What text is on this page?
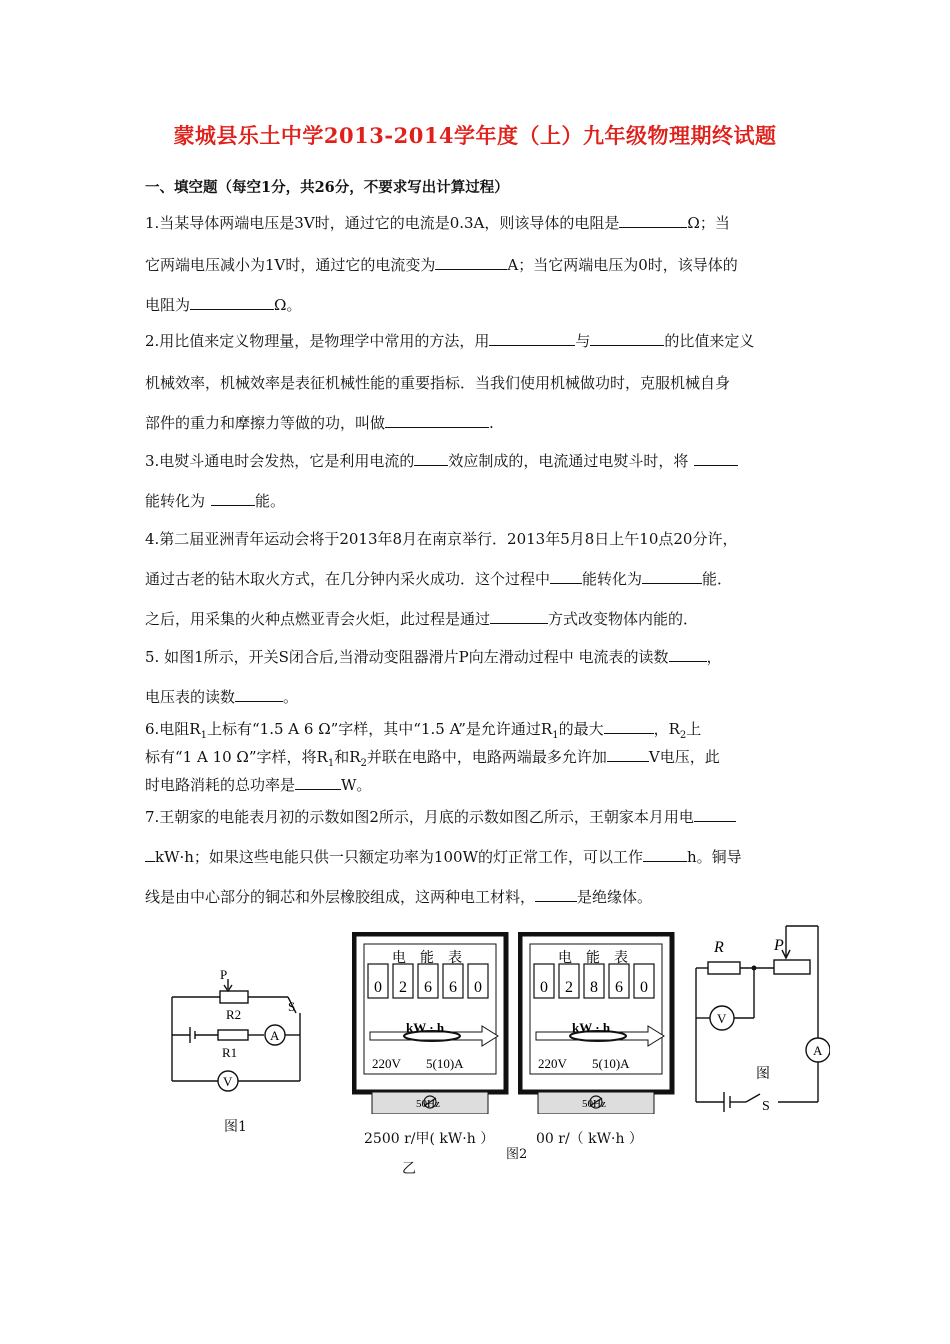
蒙城县乐土中学2013-2014学年度（上）九年级物理期终试题
一、填空题（每空1分，共26分，不要求写出计算过程）
1.当某导体两端电压是3V时，通过它的电流是0.3A，则该导体的电阻是	Ω；当
它两端电压减小为1V时，通过它的电流变为	A；当它两端电压为0时，该导体的
电阻为	Ω。
2.用比值来定义物理量，是物理学中常用的方法，用	与	的比值来定义
机械效率，机械效率是表征机械性能的重要指标．当我们使用机械做功时，克服机械自身
部件的重力和摩擦力等做的功，叫做	.
3.电熨斗通电时会发热，它是利用电流的 效应制成的，电流通过电熨斗时，将
能转化为	能。
4.第二届亚洲青年运动会将于2013年8月在南京举行．2013年5月8日上午10点20分许，
通过古老的钻木取火方式，在几分钟内采火成功．这个过程中 能转化为	能．
之后，用采集的火种点燃亚青会火炬，此过程是通过	方式改变物体内能的．
5. 如图1所示，开关S闭合后,当滑动变阻器滑片P向左滑动过程中 电流表的读数	，
电压表的读数	。
6.电阻$R_1$上标有“1.5 A 6 Ω”字样，其中“1.5 A”是允许通过$R_1$的最大	，$R_2$上
标有“1 A 10 Ω”字样，将$R_1$和$R_2$并联在电路中，电路两端最多允许加	V电压，此
时电路消耗的总功率是	W。
7.王朝家的电能表月初的示数如图2所示，月底的示数如图乙所示，王朝家本月用电
kW·h；如果这些电能只供一只额定功率为100W的灯正常工作，可以工作	h。铜导
线是由中心部分的铜芯和外层橡胶组成，这两种电工材料，	是绝缘体。
P
R2
S
R1
A
V
图1
电　能　表
0 2 6 6 0
kW · h
220V 5(10)A
50Hz
2500 r/甲( kW·h ）
乙
电　能　表
0 2 8 6 0
kW · h
220V 5(10)A
50Hz
00 r/（ kW·h ）
图2
R	P
V
A
S
图
